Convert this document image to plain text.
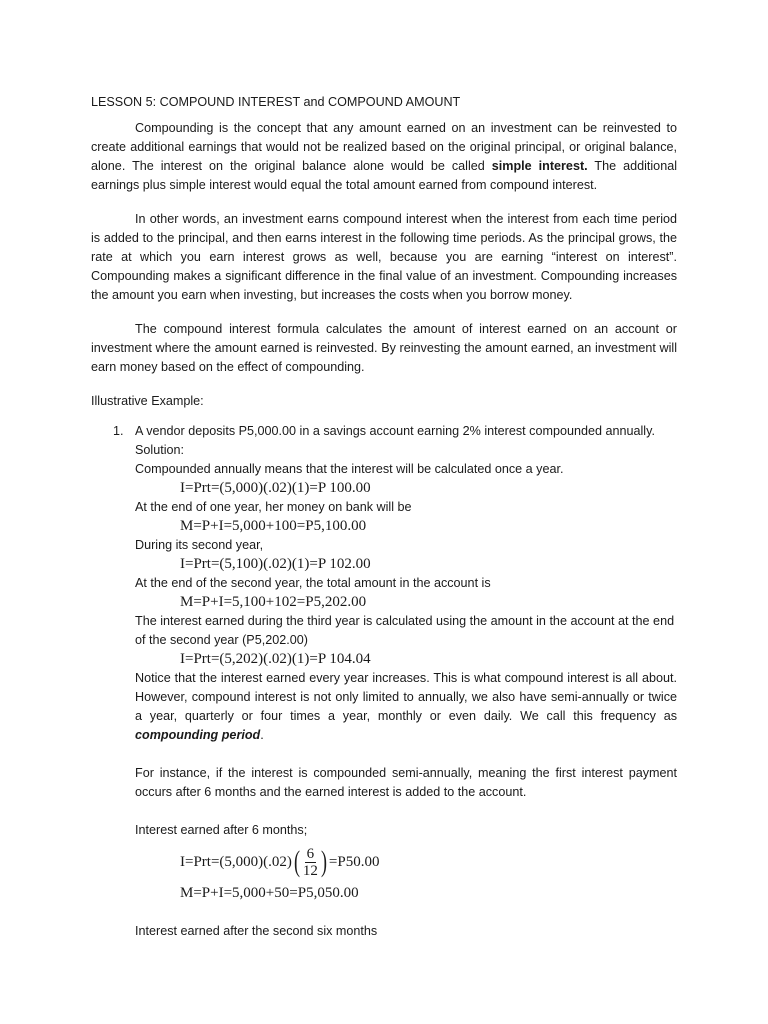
LESSON 5: COMPOUND INTEREST and COMPOUND AMOUNT
Compounding is the concept that any amount earned on an investment can be reinvested to create additional earnings that would not be realized based on the original principal, or original balance, alone. The interest on the original balance alone would be called simple interest. The additional earnings plus simple interest would equal the total amount earned from compound interest.
In other words, an investment earns compound interest when the interest from each time period is added to the principal, and then earns interest in the following time periods. As the principal grows, the rate at which you earn interest grows as well, because you are earning “interest on interest”. Compounding makes a significant difference in the final value of an investment. Compounding increases the amount you earn when investing, but increases the costs when you borrow money.
The compound interest formula calculates the amount of interest earned on an account or investment where the amount earned is reinvested. By reinvesting the amount earned, an investment will earn money based on the effect of compounding.
Illustrative Example:
1. A vendor deposits P5,000.00 in a savings account earning 2% interest compounded annually.
Solution:
Compounded annually means that the interest will be calculated once a year.
I=Prt=(5,000)(.02)(1)=P 100.00
At the end of one year, her money on bank will be
M=P+I=5,000+100=P5,100.00
During its second year,
I=Prt=(5,100)(.02)(1)=P 102.00
At the end of the second year, the total amount in the account is
M=P+I=5,100+102=P5,202.00
The interest earned during the third year is calculated using the amount in the account at the end of the second year (P5,202.00)
I=Prt=(5,202)(.02)(1)=P 104.04
Notice that the interest earned every year increases. This is what compound interest is all about. However, compound interest is not only limited to annually, we also have semi-annually or twice a year, quarterly or four times a year, monthly or even daily. We call this frequency as compounding period.
For instance, if the interest is compounded semi-annually, meaning the first interest payment occurs after 6 months and the earned interest is added to the account.
Interest earned after 6 months;
I=Prt=(5,000)(.02) ( $\frac{6}{12}$ ) =P50.00
M=P+I=5,000+50=P5,050.00
Interest earned after the second six months
